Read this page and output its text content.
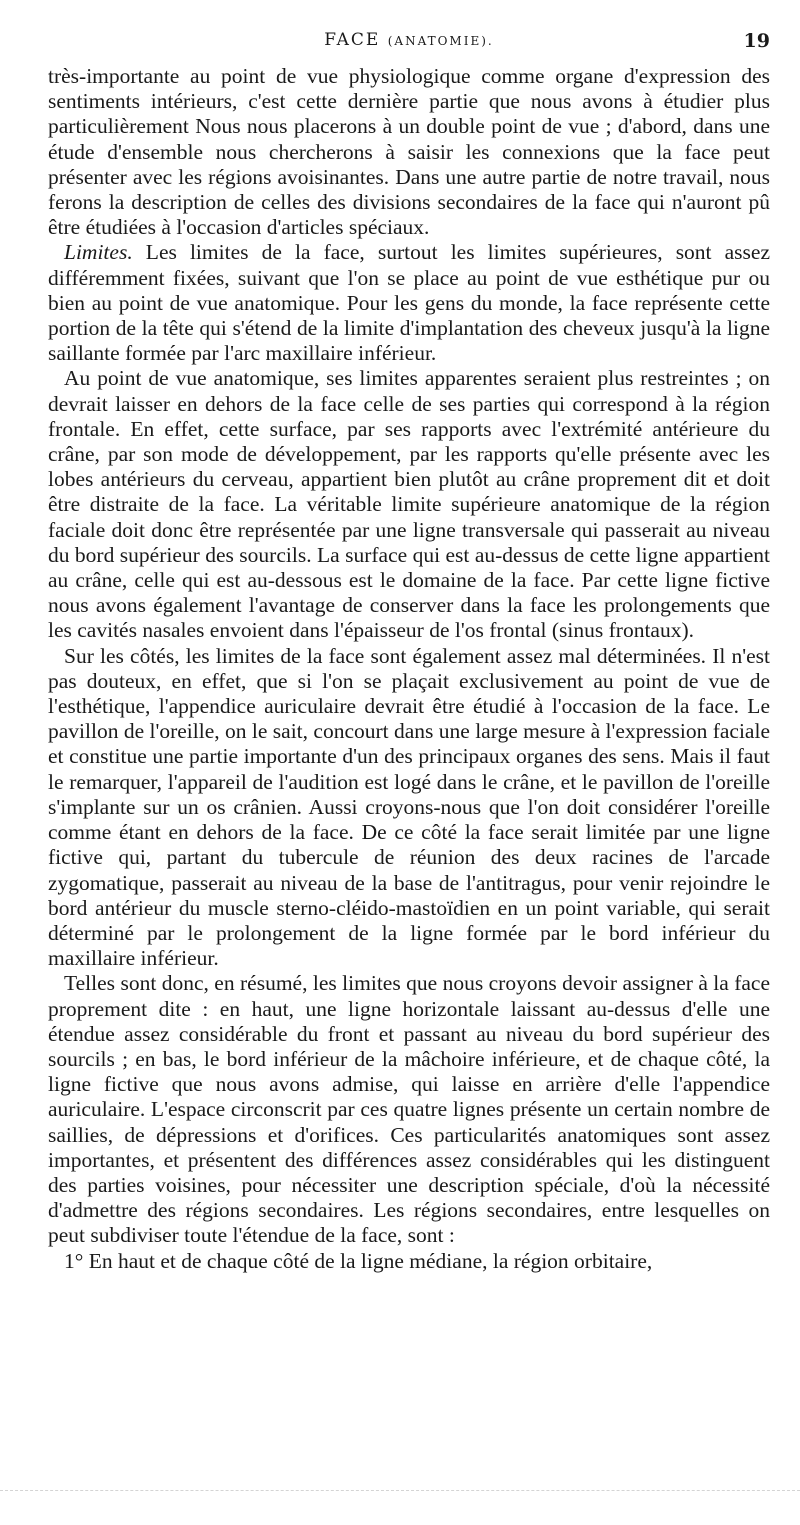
FACE (ANATOMIE).	19

très-importante au point de vue physiologique comme organe d'expression des sentiments intérieurs, c'est cette dernière partie que nous avons à étudier plus particulièrement Nous nous placerons à un double point de vue ; d'abord, dans une étude d'ensemble nous chercherons à saisir les connexions que la face peut présenter avec les régions avoisinantes. Dans une autre partie de notre travail, nous ferons la description de celles des divisions secondaires de la face qui n'auront pû être étudiées à l'occasion d'articles spéciaux.

Limites. Les limites de la face, surtout les limites supérieures, sont assez différemment fixées, suivant que l'on se place au point de vue esthétique pur ou bien au point de vue anatomique. Pour les gens du monde, la face représente cette portion de la tête qui s'étend de la limite d'implantation des cheveux jusqu'à la ligne saillante formée par l'arc maxillaire inférieur.

Au point de vue anatomique, ses limites apparentes seraient plus restreintes ; on devrait laisser en dehors de la face celle de ses parties qui correspond à la région frontale. En effet, cette surface, par ses rapports avec l'extrémité antérieure du crâne, par son mode de développement, par les rapports qu'elle présente avec les lobes antérieurs du cerveau, appartient bien plutôt au crâne proprement dit et doit être distraite de la face. La véritable limite supérieure anatomique de la région faciale doit donc être représentée par une ligne transversale qui passerait au niveau du bord supérieur des sourcils. La surface qui est au-dessus de cette ligne appartient au crâne, celle qui est au-dessous est le domaine de la face. Par cette ligne fictive nous avons également l'avantage de conserver dans la face les prolongements que les cavités nasales envoient dans l'épaisseur de l'os frontal (sinus frontaux).

Sur les côtés, les limites de la face sont également assez mal déterminées. Il n'est pas douteux, en effet, que si l'on se plaçait exclusivement au point de vue de l'esthétique, l'appendice auriculaire devrait être étudié à l'occasion de la face. Le pavillon de l'oreille, on le sait, concourt dans une large mesure à l'expression faciale et constitue une partie importante d'un des principaux organes des sens. Mais il faut le remarquer, l'appareil de l'audition est logé dans le crâne, et le pavillon de l'oreille s'implante sur un os crânien. Aussi croyons-nous que l'on doit considérer l'oreille comme étant en dehors de la face. De ce côté la face serait limitée par une ligne fictive qui, partant du tubercule de réunion des deux racines de l'arcade zygomatique, passerait au niveau de la base de l'antitragus, pour venir rejoindre le bord antérieur du muscle sterno-cléido-mastoïdien en un point variable, qui serait déterminé par le prolongement de la ligne formée par le bord inférieur du maxillaire inférieur.

Telles sont donc, en résumé, les limites que nous croyons devoir assigner à la face proprement dite : en haut, une ligne horizontale laissant au-dessus d'elle une étendue assez considérable du front et passant au niveau du bord supérieur des sourcils ; en bas, le bord inférieur de la mâchoire inférieure, et de chaque côté, la ligne fictive que nous avons admise, qui laisse en arrière d'elle l'appendice auriculaire. L'espace circonscrit par ces quatre lignes présente un certain nombre de saillies, de dépressions et d'orifices. Ces particularités anatomiques sont assez importantes, et présentent des différences assez considérables qui les distinguent des parties voisines, pour nécessiter une description spéciale, d'où la nécessité d'admettre des régions secondaires. Les régions secondaires, entre lesquelles on peut subdiviser toute l'étendue de la face, sont :

1° En haut et de chaque côté de la ligne médiane, la région orbitaire,
